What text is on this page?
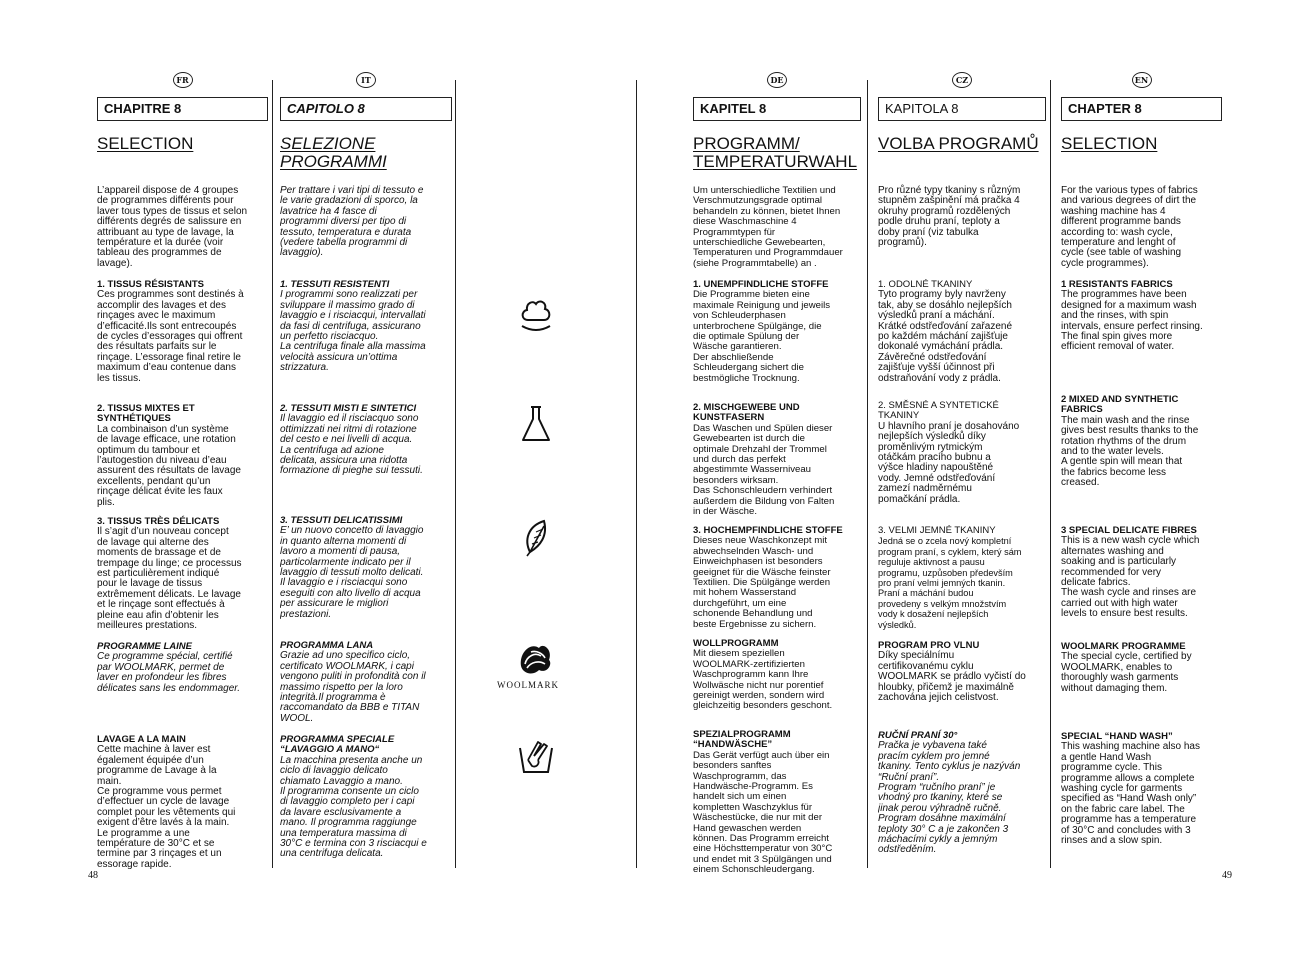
FR
CHAPITRE 8
SELECTION

L’appareil dispose de 4 groupes
de programmes différents pour
laver tous types de tissus et selon
différents degrés de salissure en
attribuant au type de lavage, la
température et la durée (voir
tableau des programmes de
lavage).

1. TISSUS RÉSISTANTS

Ces programmes sont destinés à
accomplir des lavages et des
rinçages avec le maximum
d’efficacité.Ils sont entrecoupés
de cycles d’essorages qui offrent
des résultats parfaits sur le
rinçage. L’essorage final retire le
maximum d’eau contenue dans
les tissus.

2. TISSUS MIXTES ET SYNTHÉTIQUES

La combinaison d’un système
de lavage efficace, une rotation
optimum du tambour et
l’autogestion du niveau d’eau
assurent des résultats de lavage
excellents, pendant qu’un
rinçage délicat évite les faux
plis.

3. TISSUS TRÈS DÉLICATS

Il s’agit d’un nouveau concept
de lavage qui alterne des
moments de brassage et de
trempage du linge; ce processus
est particulièrement indiqué
pour le lavage de tissus
extrêmement délicats. Le lavage
et le rinçage sont effectués à
pleine eau afin d’obtenir les
meilleures prestations.

PROGRAMME LAINE

Ce programme spécial, certifié
par WOOLMARK, permet de
laver en profondeur les fibres
délicates sans les endommager.

LAVAGE A LA MAIN

Cette machine à laver est
également équipée d’un
programme de Lavage à la
main.
Ce programme vous permet
d’effectuer un cycle de lavage
complet pour les vêtements qui
exigent d’être lavés à la main.
Le programme a une
température de 30°C et se
termine par 3 rinçages et un
essorage rapide.

IT
CAPITOLO 8
SELEZIONE
PROGRAMMI

Per trattare i vari tipi di tessuto e
le varie gradazioni di sporco, la
lavatrice ha 4 fasce di
programmi diversi per tipo di
tessuto, temperatura e durata
(vedere tabella programmi di
lavaggio).

1. TESSUTI RESISTENTI

I programmi sono realizzati per
sviluppare il massimo grado di
lavaggio e i risciacqui, intervallati
da fasi di centrifuga, assicurano
un perfetto risciacquo.
La centrifuga finale alla massima
velocità assicura un’ottima
strizzatura.

2. TESSUTI MISTI E SINTETICI

Il lavaggio ed il risciacquo sono
ottimizzati nei ritmi di rotazione
del cesto e nei livelli di acqua.
La centrifuga ad azione
delicata, assicura una ridotta
formazione di pieghe sui tessuti.

3. TESSUTI DELICATISSIMI

E’ un nuovo concetto di lavaggio
in quanto alterna momenti di
lavoro a momenti di pausa,
particolarmente indicato per il
lavaggio di tessuti molto delicati.
Il lavaggio e i risciacqui sono
eseguiti con alto livello di acqua
per assicurare le migliori
prestazioni.

PROGRAMMA LANA

Grazie ad uno specifico ciclo,
certificato WOOLMARK, i capi
vengono puliti in profondità con il
massimo rispetto per la loro
integrità.Il programma è
raccomandato da BBB e TITAN
WOOL.

PROGRAMMA SPECIALE
“LAVAGGIO A MANO“

La macchina presenta anche un
ciclo di lavaggio delicato
chiamato Lavaggio a mano.
Il programma consente un ciclo
di lavaggio completo per i capi
da lavare esclusivamente a
mano. Il programma raggiunge
una temperatura massima di
30°C e termina con 3 risciacqui e
una centrifuga delicata.

WOOLMARK
DE
KAPITEL 8
PROGRAMM/
TEMPERATURWAHL

Um unterschiedliche Textilien und
Verschmutzungsgrade optimal
behandeln zu können, bietet Ihnen
diese Waschmaschine 4
Programmtypen für
unterschiedliche Gewebearten,
Temperaturen und Programmdauer
(siehe Programmtabelle) an .

1. UNEMPFINDLICHE STOFFE

Die Programme bieten eine
maximale Reinigung und jeweils
von Schleuderphasen
unterbrochene Spülgänge, die
die optimale Spülung der
Wäsche garantieren.
Der abschließende
Schleudergang sichert die
bestmögliche Trocknung.

2. MISCHGEWEBE UND
KUNSTFASERN

Das Waschen und Spülen dieser
Gewebearten ist durch die
optimale Drehzahl der Trommel
und durch das perfekt
abgestimmte Wasserniveau
besonders wirksam.
Das Schonschleudern verhindert
außerdem die Bildung von Falten
in der Wäsche.

3. HOCHEMPFINDLICHE STOFFE

Dieses neue Waschkonzept mit
abwechselnden Wasch- und
Einweichphasen ist besonders
geeignet für die Wäsche feinster
Textilien. Die Spülgänge werden
mit hohem Wasserstand
durchgeführt, um eine
schonende Behandlung und
beste Ergebnisse zu sichern.

WOLLPROGRAMM

Mit diesem speziellen
WOOLMARK-zertifizierten
Waschprogramm kann Ihre
Wollwäsche nicht nur porentief
gereinigt werden, sondern wird
gleichzeitig besonders geschont.

SPEZIALPROGRAMM
“HANDWÄSCHE”

Das Gerät verfügt auch über ein
besonders sanftes
Waschprogramm, das
Handwäsche-Programm. Es
handelt sich um einen
kompletten Waschzyklus für
Wäschestücke, die nur mit der
Hand gewaschen werden
können. Das Programm erreicht
eine Höchsttemperatur von 30°C
und endet mit 3 Spülgängen und
einem Schonschleudergang.

CZ
KAPITOLA 8
VOLBA PROGRAMŮ

Pro různé typy tkaniny s různým
stupněm zašpinění má pračka 4
okruhy programů rozdělených
podle druhu praní, teploty a
doby praní (viz tabulka
programů).

1. ODOLNÉ TKANINY

Tyto programy byly navrženy
tak, aby se dosáhlo nejlepších
výsledků praní a máchání.
Krátké odstřeďování zařazené
po každém máchání zajišťuje
dokonalé vymáchání prádla.
Závěrečné odstřeďování
zajišťuje vyšší účinnost při
odstraňování vody z prádla.

2. SMĚSNÉ A SYNTETICKÉ
TKANINY

U hlavního praní je dosahováno
nejlepších výsledků díky
proměnlivým rytmickým
otáčkám pracího bubnu a
výšce hladiny napouštěné
vody. Jemné odstřeďování
zamezí nadměrnému
pomačkání prádla.

3. VELMI JEMNÉ TKANINY

Jedná se o zcela nový kompletní
program praní, s cyklem, který sám
reguluje aktivnost a pausu
programu, uzpůsoben především
pro praní velmi jemných tkanin.
Praní a máchání budou
provedeny s velkým množstvím
vody k dosažení nejlepších
výsledků.

PROGRAM PRO VLNU

Díky speciálnímu
certifikovanému cyklu
WOOLMARK se prádlo vyčistí do
hloubky, přičemž je maximálně
zachována jejich celistvost.

RUČNÍ PRANÍ 30°

Pračka je vybavena také
pracím cyklem pro jemné
tkaniny. Tento cyklus je nazýván
“Ruční praní”.
Program “ručního praní” je
vhodný pro tkaniny, které se
jinak perou výhradně ručně.
Program dosáhne maximální
teploty 30° C a je zakončen 3
máchacími cykly a jemným
odstředěním.

EN
CHAPTER 8
SELECTION

For the various types of fabrics
and various degrees of dirt the
washing machine has 4
different programme bands
according to: wash cycle,
temperature and lenght of
cycle (see table of washing
cycle programmes).

1 RESISTANTS FABRICS

The programmes have been
designed for a maximum wash
and the rinses, with spin
intervals, ensure perfect rinsing.
The final spin gives more
efficient removal of water.

2 MIXED AND SYNTHETIC
FABRICS

The main wash and the rinse
gives best results thanks to the
rotation rhythms of the drum
and to the water levels.
A gentle spin will mean that
the fabrics become less
creased.

3 SPECIAL DELICATE FIBRES

This is a new wash cycle which
alternates washing and
soaking and is particularly
recommended for very
delicate fabrics.
The wash cycle and rinses are
carried out with high water
levels to ensure best results.

WOOLMARK PROGRAMME

The special cycle, certified by
WOOLMARK, enables to
thoroughly wash garments
without damaging them.

SPECIAL “HAND WASH”

This washing machine also has
a gentle Hand Wash
programme cycle. This
programme allows a complete
washing cycle for garments
specified as “Hand Wash only”
on the fabric care label. The
programme has a temperature
of 30°C and concludes with 3
rinses and a slow spin.

48	49
